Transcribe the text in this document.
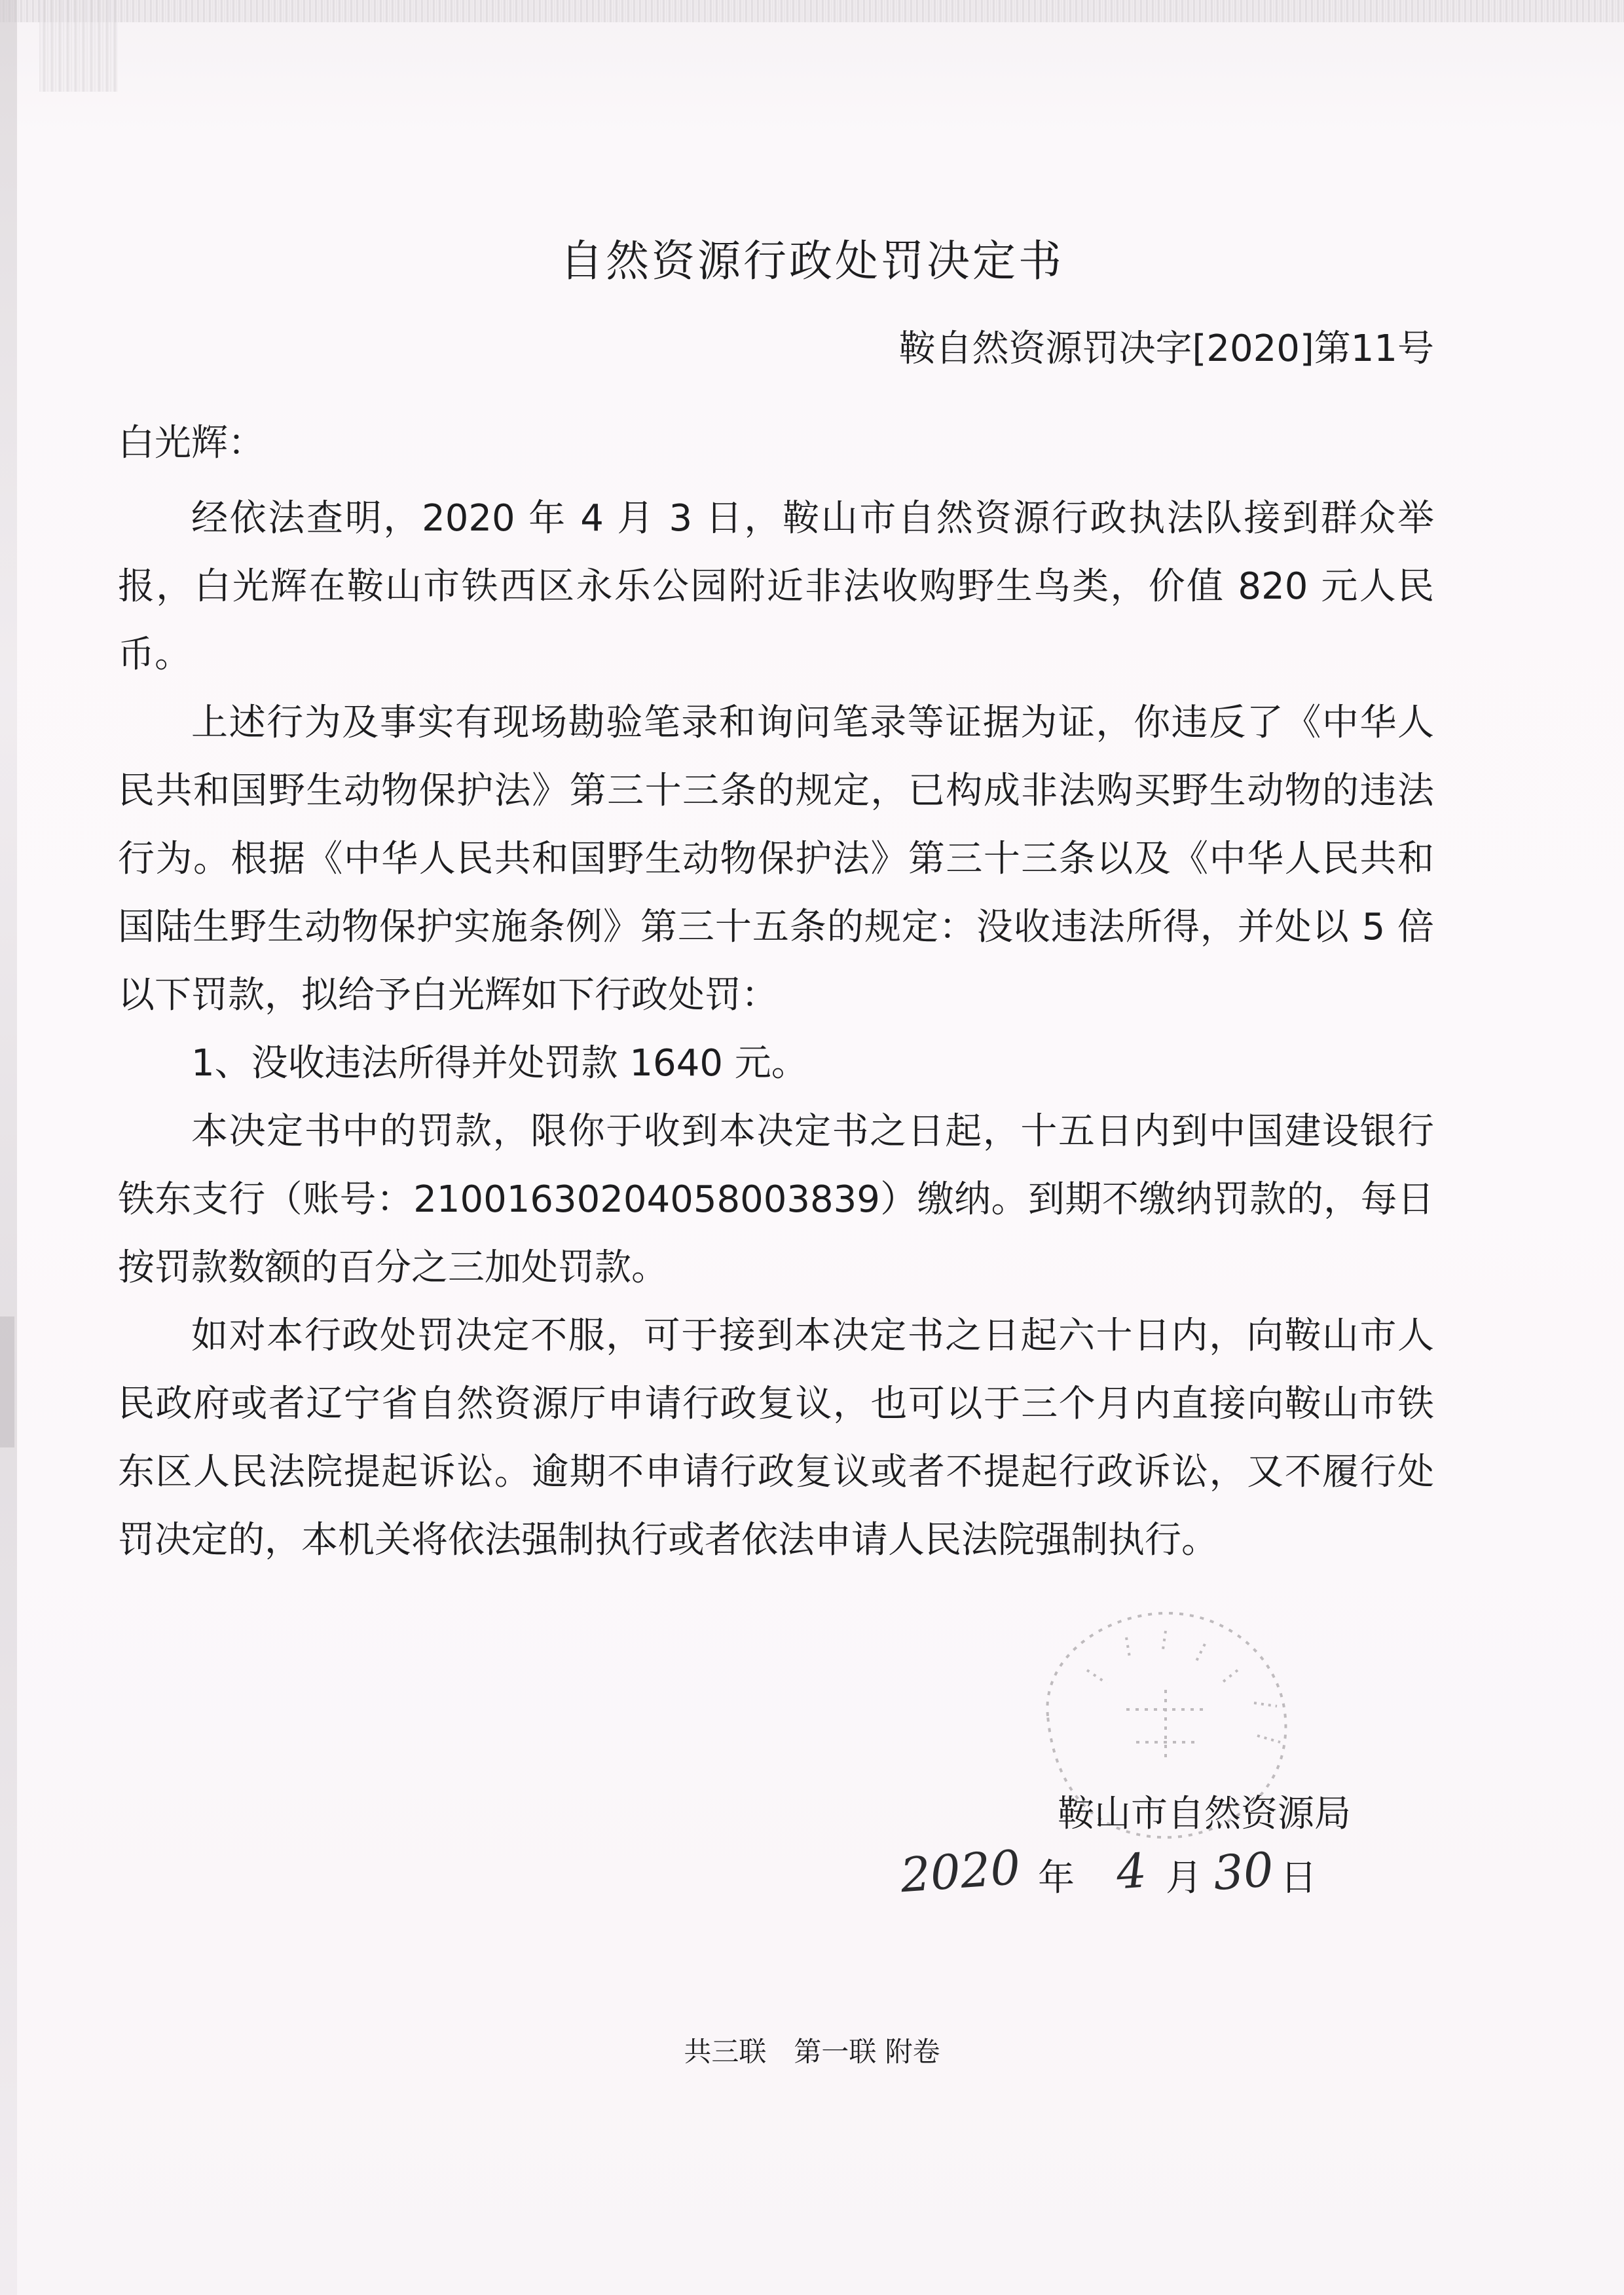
自然资源行政处罚决定书
鞍自然资源罚决字[2020]第11号
白光辉：

经依法查明，2020 年 4 月 3 日，鞍山市自然资源行政执法队接到群众举报，白光辉在鞍山市铁西区永乐公园附近非法收购野生鸟类，价值 820 元人民币。

上述行为及事实有现场勘验笔录和询问笔录等证据为证，你违反了《中华人民共和国野生动物保护法》第三十三条的规定，已构成非法购买野生动物的违法行为。根据《中华人民共和国野生动物保护法》第三十三条以及《中华人民共和国陆生野生动物保护实施条例》第三十五条的规定：没收违法所得，并处以 5 倍以下罚款，拟给予白光辉如下行政处罚：

1、没收违法所得并处罚款 1640 元。

本决定书中的罚款，限你于收到本决定书之日起，十五日内到中国建设银行铁东支行（账号：21001630204058003839）缴纳。到期不缴纳罚款的，每日按罚款数额的百分之三加处罚款。

如对本行政处罚决定不服，可于接到本决定书之日起六十日内，向鞍山市人民政府或者辽宁省自然资源厅申请行政复议，也可以于三个月内直接向鞍山市铁东区人民法院提起诉讼。逾期不申请行政复议或者不提起行政诉讼，又不履行处罚决定的，本机关将依法强制执行或者依法申请人民法院强制执行。

鞍山市自然资源局
2020 年 4 月 30 日
共三联　第一联 附卷
